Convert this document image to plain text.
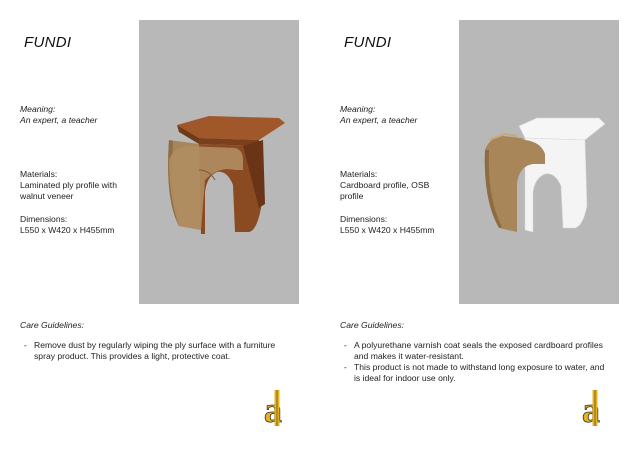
FUNDI
Meaning:
An expert, a teacher
Materials:
Laminated ply profile with
walnut veneer
Dimensions:
L550 x W420 x H455mm
Care Guidelines:
- Remove dust by regularly wiping the ply surface with a furniture
spray product. This provides a light, protective coat.
a
FUNDI
Meaning:
An expert, a teacher
Materials:
Cardboard profile, OSB
profile
Dimensions:
L550 x W420 x H455mm
Care Guidelines:
- A polyurethane varnish coat seals the exposed cardboard profiles
and makes it water-resistant.
- This product is not made to withstand long exposure to water, and
is ideal for indoor use only.
a
